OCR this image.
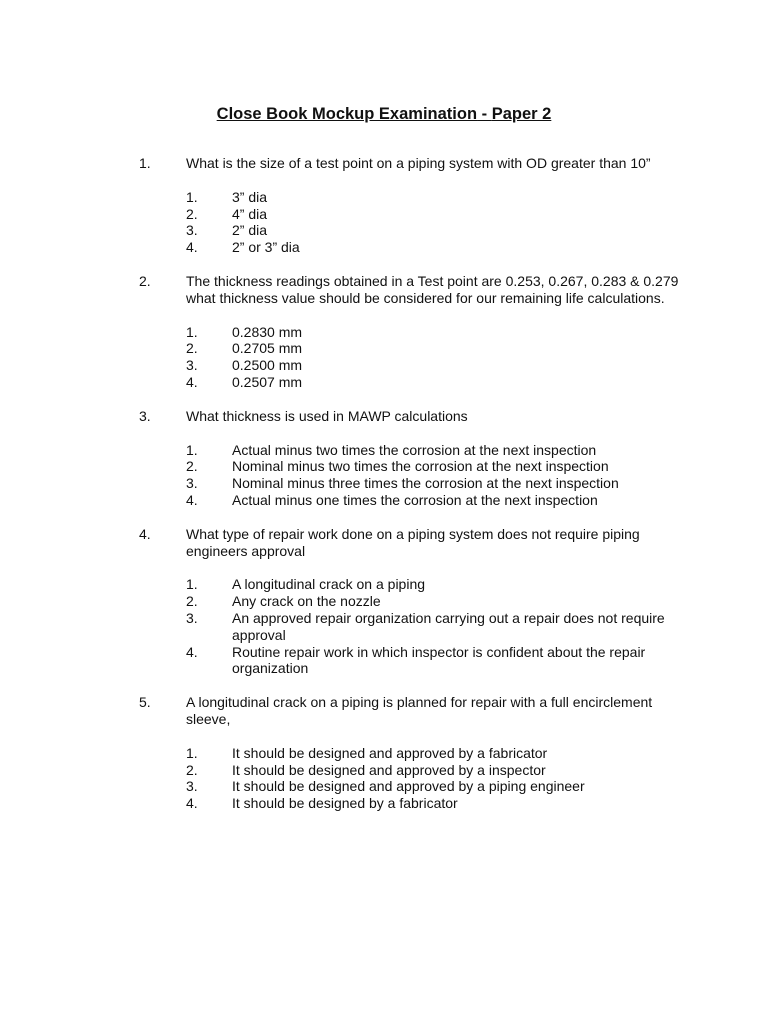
Close Book Mockup Examination - Paper 2
1.	What is the size of a test point on a piping system with OD greater than 10”
1. 3” dia
2. 4” dia
3. 2” dia
4. 2” or 3” dia
2.	The thickness readings obtained in a Test point are 0.253, 0.267, 0.283 & 0.279 what thickness value should be considered for our remaining life calculations.
1. 0.2830 mm
2. 0.2705 mm
3. 0.2500 mm
4. 0.2507 mm
3.	What thickness is used in MAWP calculations
1. Actual minus two times the corrosion at the next inspection
2. Nominal minus two times the corrosion at the next inspection
3. Nominal minus three times the corrosion at the next inspection
4. Actual minus one times the corrosion at the next inspection
4.	What type of repair work done on a piping system does not require piping engineers approval
1. A longitudinal crack on a piping
2. Any crack on the nozzle
3. An approved repair organization carrying out a repair does not require approval
4. Routine repair work in which inspector is confident about the repair organization
5.	A longitudinal crack on a piping is planned for repair with a full encirclement sleeve,
1. It should be designed and approved by a fabricator
2. It should be designed and approved by a inspector
3. It should be designed and approved by a piping engineer
4. It should be designed by a fabricator
